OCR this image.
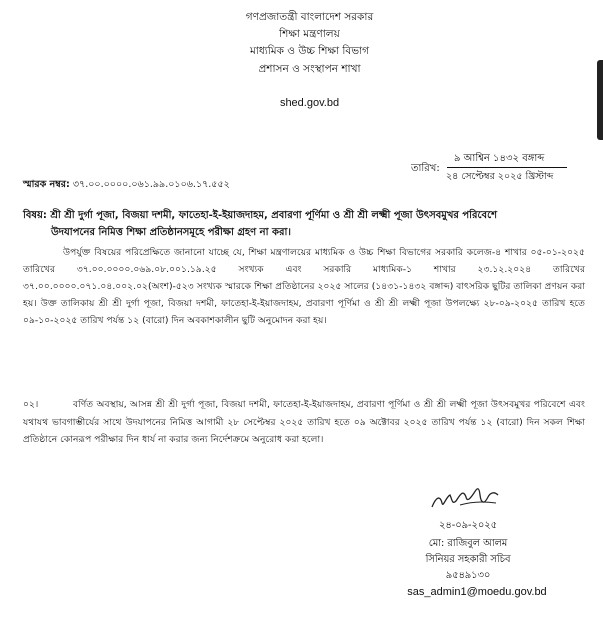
গণপ্রজাতন্ত্রী বাংলাদেশ সরকার
শিক্ষা মন্ত্রণালয়
মাধ্যমিক ও উচ্চ শিক্ষা বিভাগ
প্রশাসন ও সংস্থাপন শাখা
shed.gov.bd
৯ আশ্বিন ১৪৩২ বঙ্গাব্দ
তারিখ:
২৪ সেপ্টেম্বর ২০২৫ খ্রিস্টাব্দ
স্মারক নম্বর: ৩৭.০০.০০০০.০৬১.৯৯.০১০৬.১৭.৫৫২
বিষয়: শ্রী শ্রী দুর্গা পূজা, বিজয়া দশমী, ফাতেহা-ই-ইয়াজদাহম, প্রবারণা পূর্ণিমা ও শ্রী শ্রী লক্ষ্মী পূজা উৎসবমুখর পরিবেশে
উদযাপনের নিমিত্ত শিক্ষা প্রতিষ্ঠানসমূহে পরীক্ষা গ্রহণ না করা।
উপর্যুক্ত বিষয়ের পরিপ্রেক্ষিতে জানানো যাচ্ছে যে, শিক্ষা মন্ত্রণালয়ের মাধ্যমিক ও উচ্চ শিক্ষা বিভাগের সরকারি কলেজ-৪ শাখার ০৫-০১-২০২৫ তারিখের ৩৭.০০.০০০০.০৬৯.০৮.০০১.১৯.২৫ সংখ্যক এবং সরকারি মাধ্যমিক-১ শাখার ২৩.১২.২০২৪ তারিখের ৩৭.০০.০০০০.০৭১.০৪.০০২.০২(অংশ)-৫২৩ সংখ্যক স্মারকে শিক্ষা প্রতিষ্ঠানের ২০২৫ সালের (১৪৩১-১৪৩২ বঙ্গাব্দ) বাৎসরিক ছুটির তালিকা প্রণয়ন করা হয়। উক্ত তালিকায় শ্রী শ্রী দুর্গা পূজা, বিজয়া দশমী, ফাতেহা-ই-ইয়াজদাহম, প্রবারণা পূর্ণিমা ও শ্রী শ্রী লক্ষ্মী পূজা উপলক্ষ্যে ২৮-০৯-২০২৫ তারিখ হতে ০৯-১০-২০২৫ তারিখ পর্যন্ত ১২ (বারো) দিন অবকাশকালীন ছুটি অনুমোদন করা হয়।
০২।	বর্ণিত অবস্থায়, আসন্ন শ্রী শ্রী দুর্গা পূজা, বিজয়া দশমী, ফাতেহা-ই-ইয়াজদাহম, প্রবারণা পূর্ণিমা ও শ্রী শ্রী লক্ষ্মী পূজা উৎসবমুখর পরিবেশে এবং যথাযথ ভাবগাম্ভীর্যের সাথে উদযাপনের নিমিত্ত আগামী ২৮ সেপ্টেম্বর ২০২৫ তারিখ হতে ০৯ অক্টোবর ২০২৫ তারিখ পর্যন্ত ১২ (বারো) দিন সকল শিক্ষা প্রতিষ্ঠানে কোনরূপ পরীক্ষার দিন ধার্য না করার জন্য নির্দেশক্রমে অনুরোধ করা হলো।
২৪-০৯-২০২৫
মো: রাজিবুল আলম
সিনিয়র সহকারী সচিব
৯৫৪৯১৩০
sas_admin1@moedu.gov.bd
